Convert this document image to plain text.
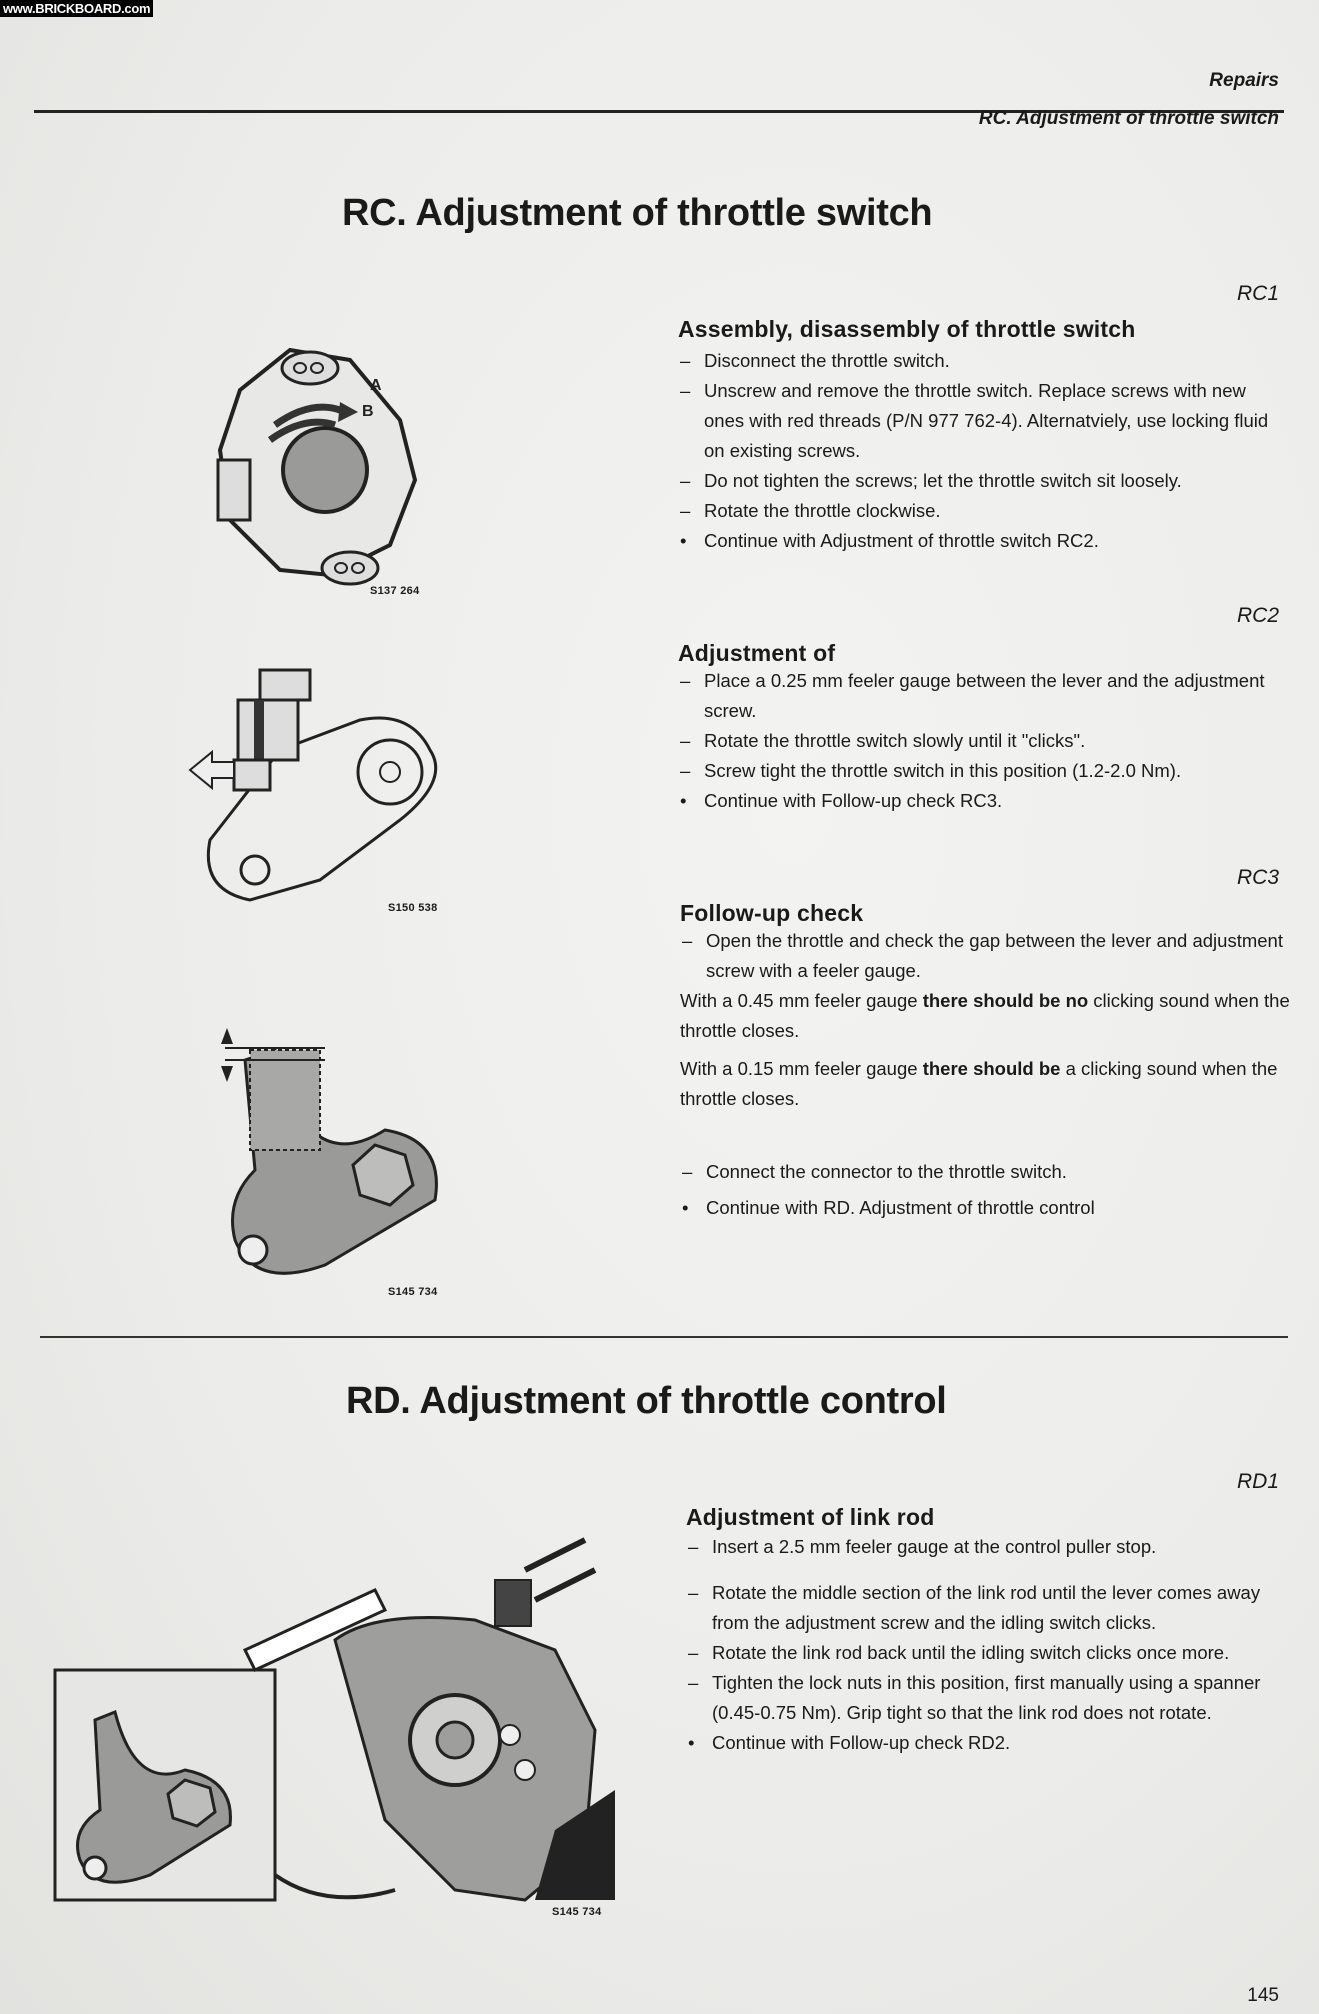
www.BRICKBOARD.com
Repairs
RC. Adjustment of throttle switch
RC. Adjustment of throttle switch
RC1
Assembly, disassembly of throttle switch
– Disconnect the throttle switch.
– Unscrew and remove the throttle switch. Replace screws with new ones with red threads (P/N 977 762-4). Alternatviely, use locking fluid on existing screws.
– Do not tighten the screws; let the throttle switch sit loosely.
– Rotate the throttle clockwise.
• Continue with Adjustment of throttle switch RC2.
A
B
S137 264
RC2
Adjustment of
– Place a 0.25 mm feeler gauge between the lever and the adjustment screw.
– Rotate the throttle switch slowly until it "clicks".
– Screw tight the throttle switch in this position (1.2-2.0 Nm).
• Continue with Follow-up check RC3.
S150 538
RC3
Follow-up check
– Open the throttle and check the gap between the lever and adjustment screw with a feeler gauge.

With a 0.45 mm feeler gauge there should be no clicking sound when the throttle closes.

With a 0.15 mm feeler gauge there should be a clicking sound when the throttle closes.

– Connect the connector to the throttle switch.
• Continue with RD. Adjustment of throttle control
S145 734
RD. Adjustment of throttle control
RD1
Adjustment of link rod
– Insert a 2.5 mm feeler gauge at the control puller stop.
– Rotate the middle section of the link rod until the lever comes away from the adjustment screw and the idling switch clicks.
– Rotate the link rod back until the idling switch clicks once more.
– Tighten the lock nuts in this position, first manually using a spanner (0.45-0.75 Nm). Grip tight so that the link rod does not rotate.
• Continue with Follow-up check RD2.
S145 734
145
